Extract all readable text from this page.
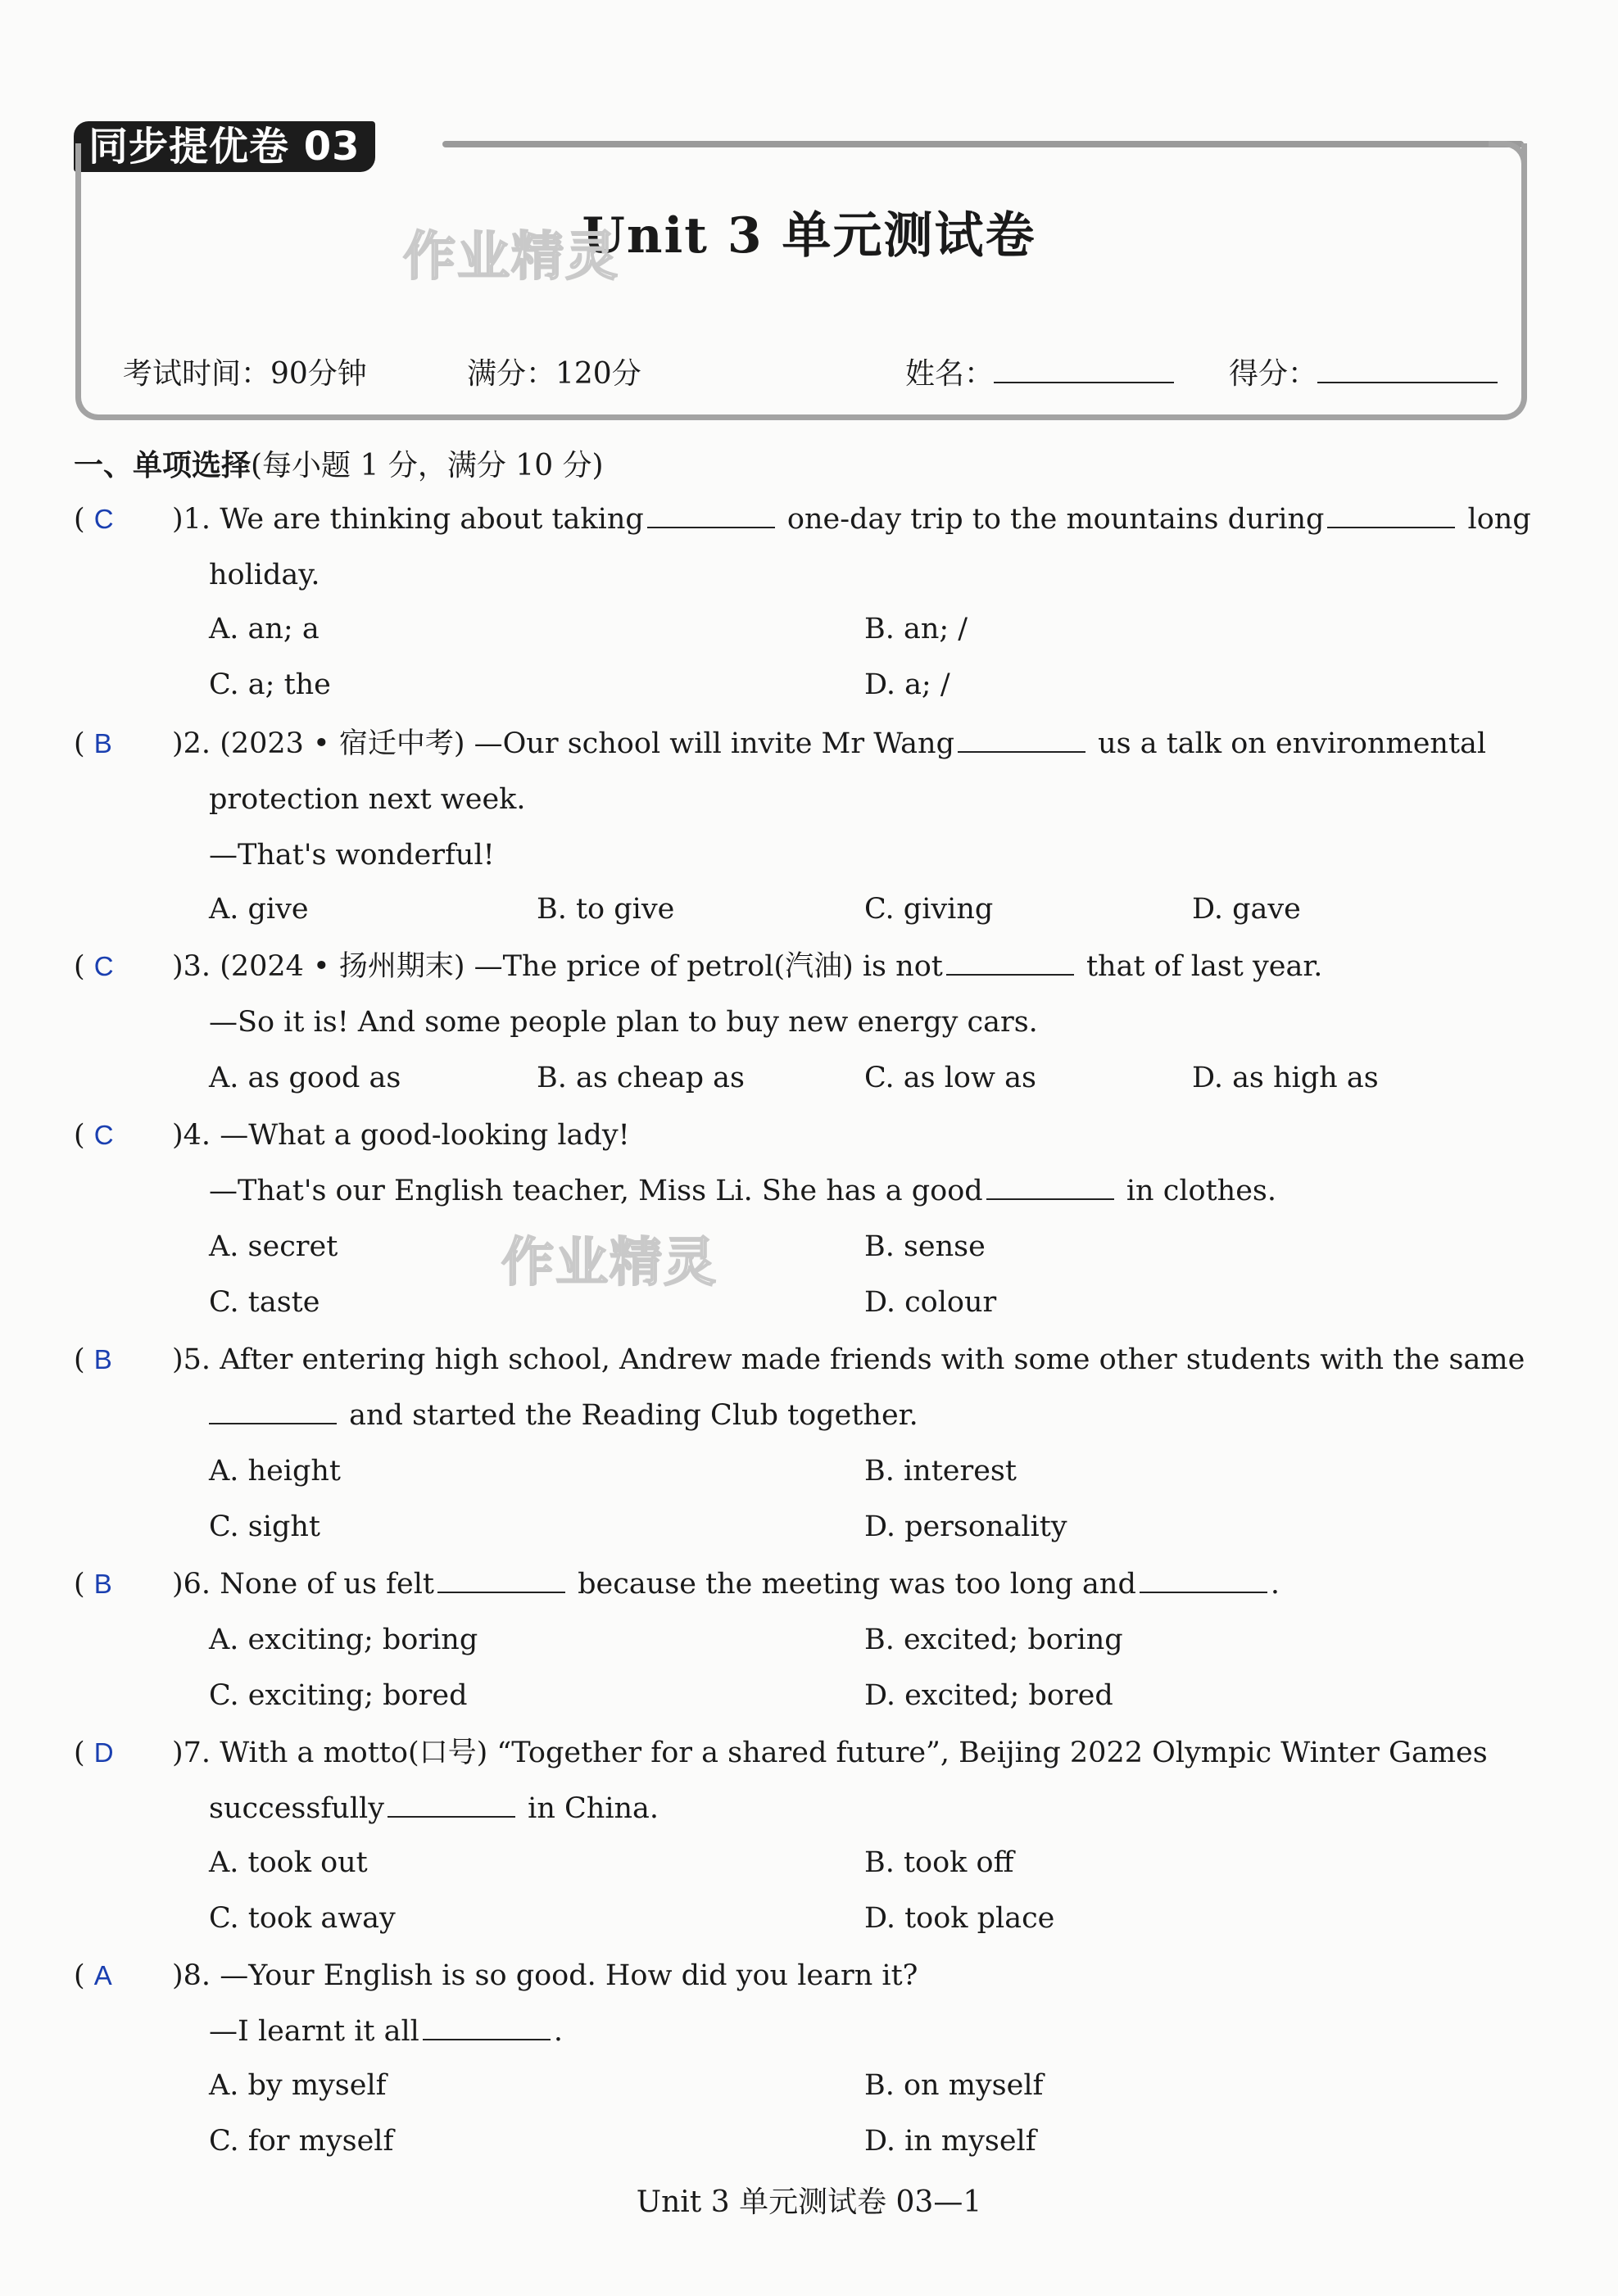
同步提优卷 03
Unit 3 单元测试卷
作业精灵
考试时间：90分钟	满分：120分	姓名：	得分：
一、单项选择(每小题 1 分，满分 10 分)
( C )1. We are thinking about taking	one-day trip to the mountains during	long
holiday.
A. an; a	B. an; /
C. a; the	D. a; /
( B )2. (2023 • 宿迁中考) —Our school will invite Mr Wang	us a talk on environmental
protection next week.
—That's wonderful!
A. give	B. to give	C. giving	D. gave
( C )3. (2024 • 扬州期末) —The price of petrol(汽油) is not	that of last year.
—So it is! And some people plan to buy new energy cars.
A. as good as	B. as cheap as	C. as low as	D. as high as
( C )4. —What a good-looking lady!
—That's our English teacher, Miss Li. She has a good	in clothes.
A. secret	B. sense
C. taste	D. colour
作业精灵
( B )5. After entering high school, Andrew made friends with some other students with the same
and started the Reading Club together.
A. height	B. interest
C. sight	D. personality
( B )6. None of us felt	because the meeting was too long and	.
A. exciting; boring	B. excited; boring
C. exciting; bored	D. excited; bored
( D )7. With a motto(口号) “Together for a shared future”, Beijing 2022 Olympic Winter Games
successfully	in China.
A. took out	B. took off
C. took away	D. took place
( A )8. —Your English is so good. How did you learn it?
—I learnt it all	.
A. by myself	B. on myself
C. for myself	D. in myself
Unit 3 单元测试卷 03—1
